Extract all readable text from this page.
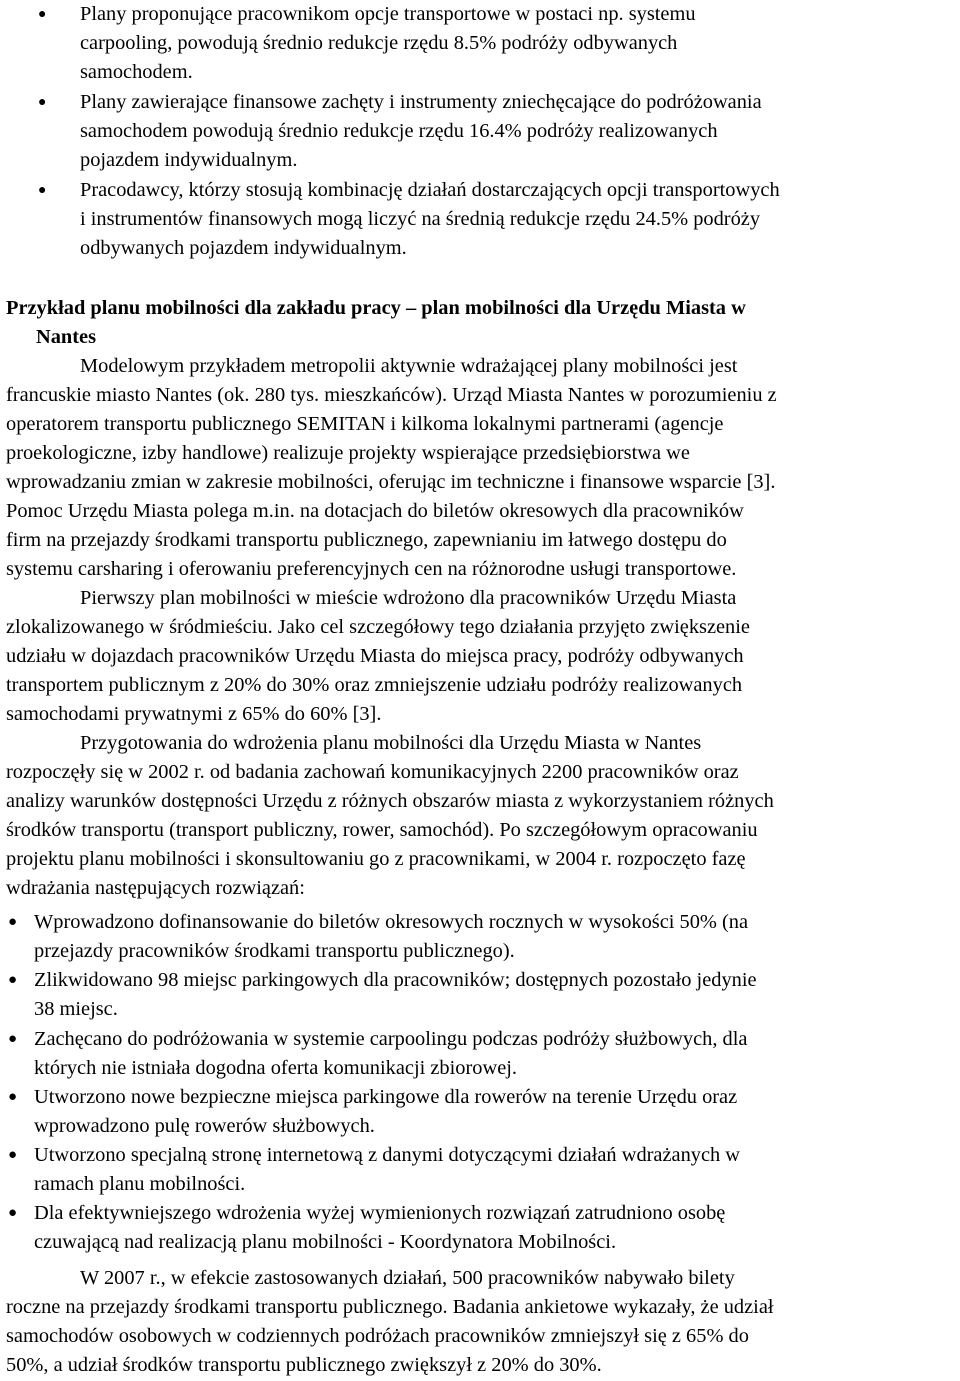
● Plany proponujące pracownikom opcje transportowe w postaci np. systemu
carpooling, powodują średnio redukcje rzędu 8.5% podróży odbywanych
samochodem.

● Plany zawierające finansowe zachęty i instrumenty zniechęcające do podróżowania
samochodem powodują średnio redukcje rzędu 16.4% podróży realizowanych
pojazdem indywidualnym.

● Pracodawcy, którzy stosują kombinację działań dostarczających opcji transportowych
i instrumentów finansowych mogą liczyć na średnią redukcje rzędu 24.5% podróży
odbywanych pojazdem indywidualnym.

Przykład planu mobilności dla zakładu pracy – plan mobilności dla Urzędu Miasta w
Nantes

Modelowym przykładem metropolii aktywnie wdrażającej plany mobilności jest
francuskie miasto Nantes (ok. 280 tys. mieszkańców). Urząd Miasta Nantes w porozumieniu z
operatorem transportu publicznego SEMITAN i kilkoma lokalnymi partnerami (agencje
proekologiczne, izby handlowe) realizuje projekty wspierające przedsiębiorstwa we
wprowadzaniu zmian w zakresie mobilności, oferując im techniczne i finansowe wsparcie [3].
Pomoc Urzędu Miasta polega m.in. na dotacjach do biletów okresowych dla pracowników
firm na przejazdy środkami transportu publicznego, zapewnianiu im łatwego dostępu do
systemu carsharing i oferowaniu preferencyjnych cen na różnorodne usługi transportowe.

Pierwszy plan mobilności w mieście wdrożono dla pracowników Urzędu Miasta
zlokalizowanego w śródmieściu. Jako cel szczegółowy tego działania przyjęto zwiększenie
udziału w dojazdach pracowników Urzędu Miasta do miejsca pracy, podróży odbywanych
transportem publicznym z 20% do 30% oraz zmniejszenie udziału podróży realizowanych
samochodami prywatnymi z 65% do 60% [3].

Przygotowania do wdrożenia planu mobilności dla Urzędu Miasta w Nantes
rozpoczęły się w 2002 r. od badania zachowań komunikacyjnych 2200 pracowników oraz
analizy warunków dostępności Urzędu z różnych obszarów miasta z wykorzystaniem różnych
środków transportu (transport publiczny, rower, samochód). Po szczegółowym opracowaniu
projektu planu mobilności i skonsultowaniu go z pracownikami, w 2004 r. rozpoczęto fazę
wdrażania następujących rozwiązań:

● Wprowadzono dofinansowanie do biletów okresowych rocznych w wysokości 50% (na
przejazdy pracowników środkami transportu publicznego).

● Zlikwidowano 98 miejsc parkingowych dla pracowników; dostępnych pozostało jedynie
38 miejsc.

● Zachęcano do podróżowania w systemie carpoolingu podczas podróży służbowych, dla
których nie istniała dogodna oferta komunikacji zbiorowej.

● Utworzono nowe bezpieczne miejsca parkingowe dla rowerów na terenie Urzędu oraz
wprowadzono pulę rowerów służbowych.

● Utworzono specjalną stronę internetową z danymi dotyczącymi działań wdrażanych w
ramach planu mobilności.

● Dla efektywniejszego wdrożenia wyżej wymienionych rozwiązań zatrudniono osobę
czuwającą nad realizacją planu mobilności - Koordynatora Mobilności.

W 2007 r., w efekcie zastosowanych działań, 500 pracowników nabywało bilety
roczne na przejazdy środkami transportu publicznego. Badania ankietowe wykazały, że udział
samochodów osobowych w codziennych podróżach pracowników zmniejszył się z 65% do
50%, a udział środków transportu publicznego zwiększył z 20% do 30%.
